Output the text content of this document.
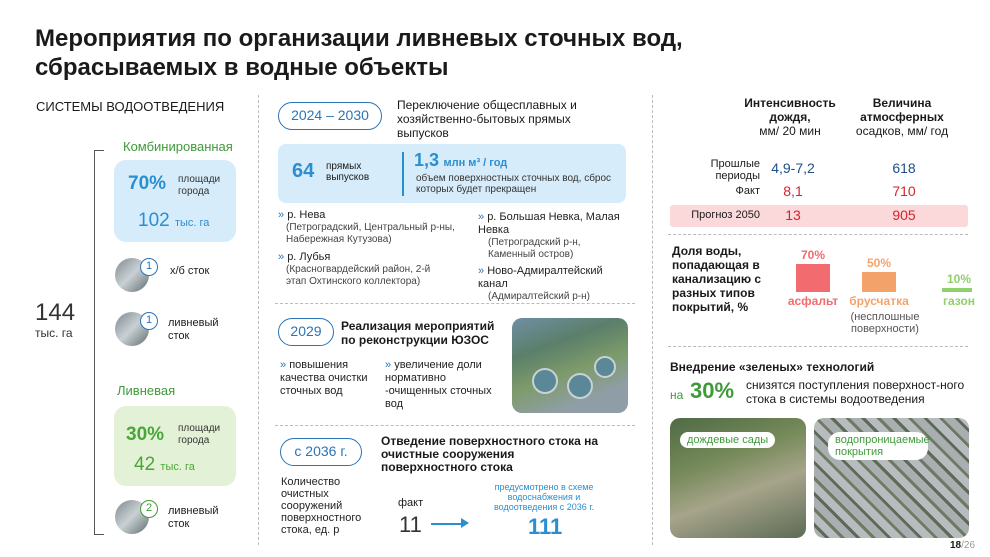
Мероприятия по организации ливневых сточных вод,
сбрасываемых в водные объекты
СИСТЕМЫ ВОДООТВЕДЕНИЯ
144
тыс. га
Комбинированная
70% площади города
102 тыс. га
1	х/б сток
1	ливневый сток
Ливневая
30% площади города
42 тыс. га
2	ливневый сток
2024 – 2030
Переключение общесплавных и хозяйственно-бытовых прямых выпусков
64 прямых выпусков
1,3 млн м³ / год
объем поверхностных сточных вод, сброс которых будет прекращен
» р. Нева
(Петроградский, Центральный р-ны, Набережная Кутузова)
» р. Лубья
(Красногвардейский район, 2-й этап Охтинского коллектора)
» р. Большая Невка, Малая Невка
(Петроградский р-н, Каменный остров)
» Ново-Адмиралтейский канал
(Адмиралтейский р-н)
2029	Реализация мероприятий по реконструкции ЮЗОС
» повышения качества очистки сточных вод
» увеличение доли нормативно -очищенных сточных вод
с 2036 г.
Отведение поверхностного стока на очистные сооружения поверхностного стока
Количество очистных сооружений поверхностного стока, ед. р
факт
11
предусмотрено в схеме водоснабжения и водоотведения с 2036 г.
111
Интенсивность дождя,
мм/ 20 мин
Величина атмосферных
осадков, мм/ год
Прошлые периоды 4,9-7,2	618
Факт	8,1	710
Прогноз 2050	13	905
Доля воды, попадающая в канализацию с разных типов покрытий, %
70%
асфальт
50%
брусчатка
10%
газон
(несплошные поверхности)
Внедрение «зеленых» технологий
на 30% снизятся поступления поверхност-ного стока в системы водоотведения
дождевые сады	водопроницаемые покрытия
18/26
